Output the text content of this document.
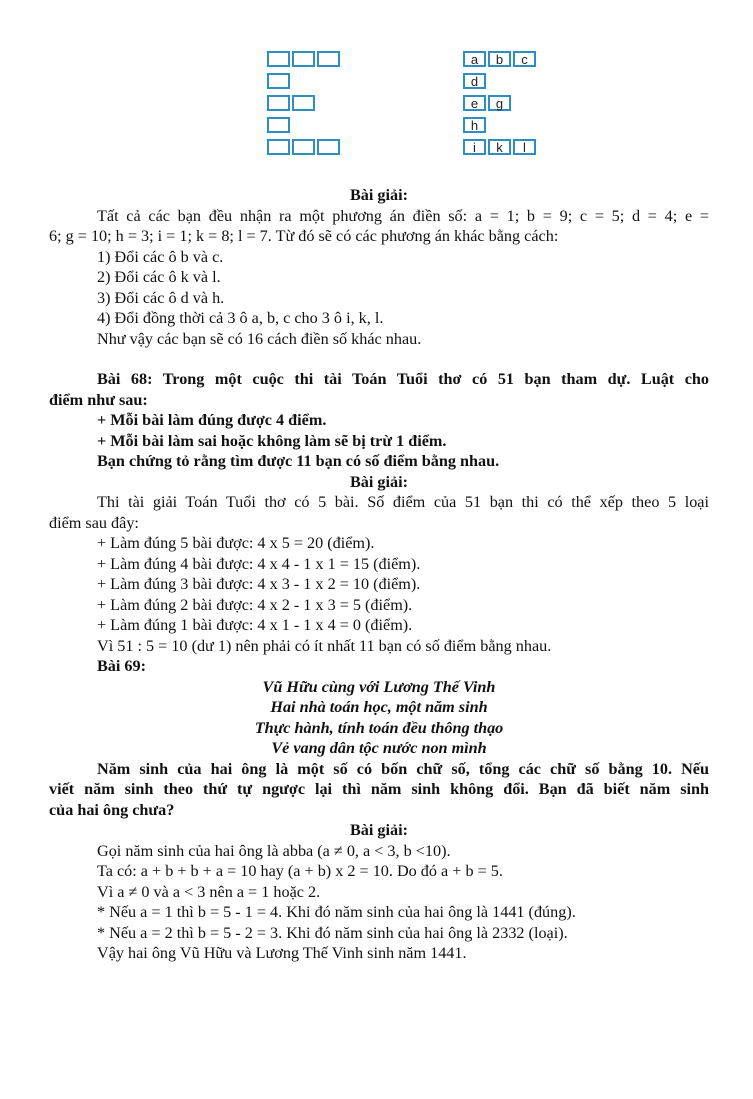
a	b	c
d
e	g
h
i	k	l
Bài giải:
Tất cả các bạn đều nhận ra một phương án điền số: a = 1; b = 9; c = 5; d = 4; e =
6; g = 10; h = 3; i = 1; k = 8; l = 7. Từ đó sẽ có các phương án khác bằng cách:
1) Đổi các ô b và c.
2) Đổi các ô k và l.
3) Đổi các ô d và h.
4) Đổi đồng thời cả 3 ô a, b, c cho 3 ô i, k, l.
Như vậy các bạn sẽ có 16 cách điền số khác nhau.
Bài 68: Trong một cuộc thi tài Toán Tuổi thơ có 51 bạn tham dự. Luật cho
điểm như sau:
+ Mỗi bài làm đúng được 4 điểm.
+ Mỗi bài làm sai hoặc không làm sẽ bị trừ 1 điểm.
Bạn chứng tỏ rằng tìm được 11 bạn có số điểm bằng nhau.
Bài giải:
Thi tài giải Toán Tuổi thơ có 5 bài. Số điểm của 51 bạn thi có thể xếp theo 5 loại
điểm sau đây:
+ Làm đúng 5 bài được: 4 x 5 = 20 (điểm).
+ Làm đúng 4 bài được: 4 x 4 - 1 x 1 = 15 (điểm).
+ Làm đúng 3 bài được: 4 x 3 - 1 x 2 = 10 (điểm).
+ Làm đúng 2 bài được: 4 x 2 - 1 x 3 = 5 (điểm).
+ Làm đúng 1 bài được: 4 x 1 - 1 x 4 = 0 (điểm).
Vì 51 : 5 = 10 (dư 1) nên phải có ít nhất 11 bạn có số điểm bằng nhau.
Bài 69:
Vũ Hữu cùng với Lương Thế Vinh
Hai nhà toán học, một năm sinh
Thực hành, tính toán đều thông thạo
Vẻ vang dân tộc nước non mình
Năm sinh của hai ông là một số có bốn chữ số, tổng các chữ số bằng 10. Nếu
viết năm sinh theo thứ tự ngược lại thì năm sinh không đổi. Bạn đã biết năm sinh
của hai ông chưa?
Bài giải:
Gọi năm sinh của hai ông là abba (a ≠ 0, a < 3, b <10).
Ta có: a + b + b + a = 10 hay (a + b) x 2 = 10. Do đó a + b = 5.
Vì a ≠ 0 và a < 3 nên a = 1 hoặc 2.
* Nếu a = 1 thì b = 5 - 1 = 4. Khi đó năm sinh của hai ông là 1441 (đúng).
* Nếu a = 2 thì b = 5 - 2 = 3. Khi đó năm sinh của hai ông là 2332 (loại).
Vậy hai ông Vũ Hữu và Lương Thế Vinh sinh năm 1441.
